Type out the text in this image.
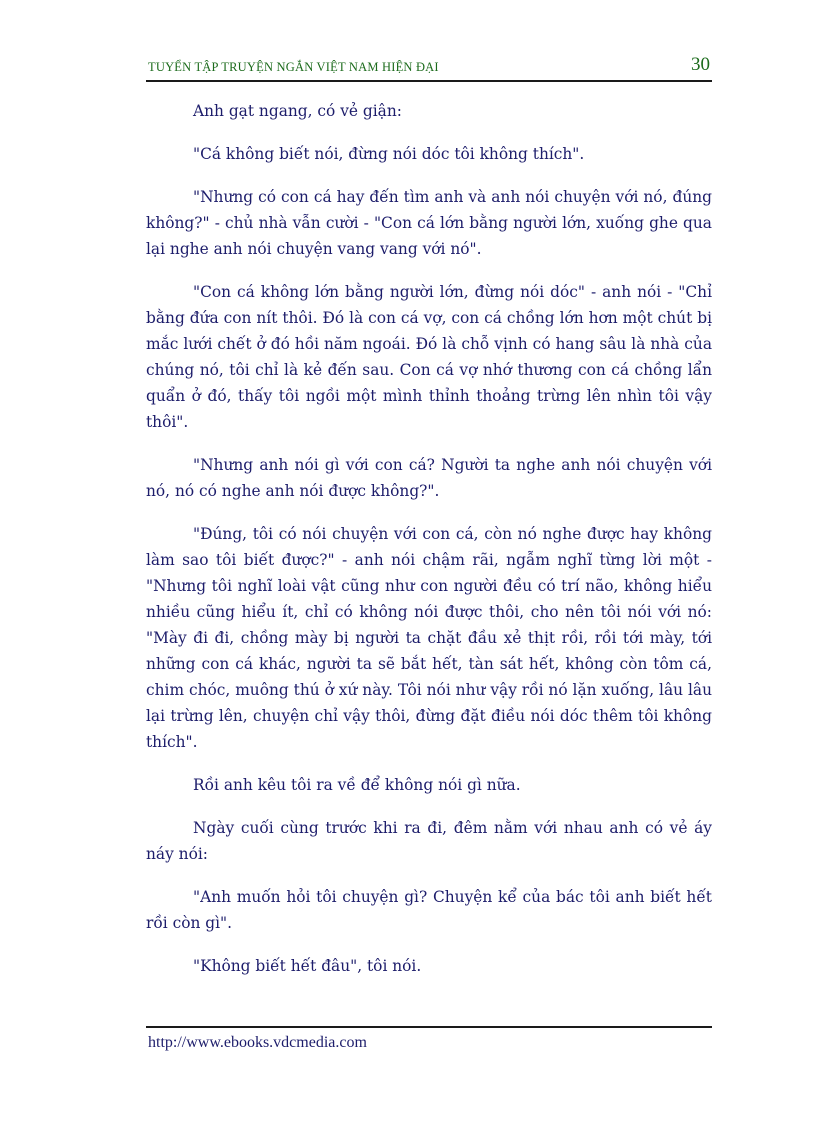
TUYỂN TẬP TRUYỆN NGẮN VIỆT NAM HIỆN ĐẠI	30

Anh gạt ngang, có vẻ giận:

"Cá không biết nói, đừng nói dóc tôi không thích".

"Nhưng có con cá hay đến tìm anh và anh nói chuyện với nó, đúng không?" - chủ nhà vẫn cười - "Con cá lớn bằng người lớn, xuống ghe qua lại nghe anh nói chuyện vang vang với nó".

"Con cá không lớn bằng người lớn, đừng nói dóc" - anh nói - "Chỉ bằng đứa con nít thôi. Đó là con cá vợ, con cá chồng lớn hơn một chút bị mắc lưới chết ở đó hồi năm ngoái. Đó là chỗ vịnh có hang sâu là nhà của chúng nó, tôi chỉ là kẻ đến sau. Con cá vợ nhớ thương con cá chồng lẩn quẩn ở đó, thấy tôi ngồi một mình thỉnh thoảng trừng lên nhìn tôi vậy thôi".

"Nhưng anh nói gì với con cá? Người ta nghe anh nói chuyện với nó, nó có nghe anh nói được không?".

"Đúng, tôi có nói chuyện với con cá, còn nó nghe được hay không làm sao tôi biết được?" - anh nói chậm rãi, ngẫm nghĩ từng lời một - "Nhưng tôi nghĩ loài vật cũng như con người đều có trí não, không hiểu nhiều cũng hiểu ít, chỉ có không nói được thôi, cho nên tôi nói với nó: "Mày đi đi, chồng mày bị người ta chặt đầu xẻ thịt rồi, rồi tới mày, tới những con cá khác, người ta sẽ bắt hết, tàn sát hết, không còn tôm cá, chim chóc, muông thú ở xứ này. Tôi nói như vậy rồi nó lặn xuống, lâu lâu lại trừng lên, chuyện chỉ vậy thôi, đừng đặt điều nói dóc thêm tôi không thích".

Rồi anh kêu tôi ra về để không nói gì nữa.

Ngày cuối cùng trước khi ra đi, đêm nằm với nhau anh có vẻ áy náy nói:

"Anh muốn hỏi tôi chuyện gì? Chuyện kể của bác tôi anh biết hết rồi còn gì".

"Không biết hết đâu", tôi nói.

http://www.ebooks.vdcmedia.com
